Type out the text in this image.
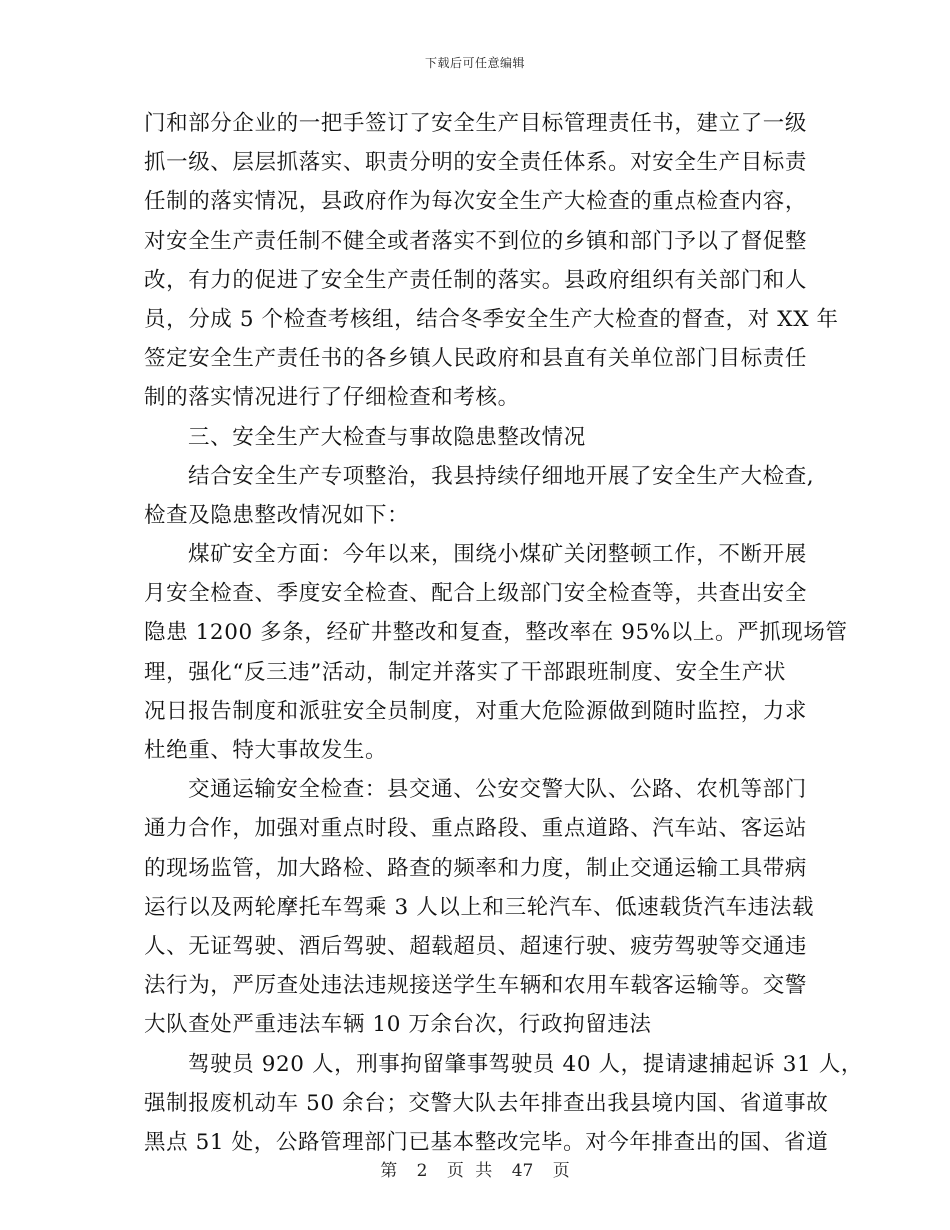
下载后可任意编辑

门和部分企业的一把手签订了安全生产目标管理责任书，建立了一级
抓一级、层层抓落实、职责分明的安全责任体系。对安全生产目标责
任制的落实情况，县政府作为每次安全生产大检查的重点检查内容，
对安全生产责任制不健全或者落实不到位的乡镇和部门予以了督促整
改，有力的促进了安全生产责任制的落实。县政府组织有关部门和人
员，分成 5 个检查考核组，结合冬季安全生产大检查的督查，对 XX 年
签定安全生产责任书的各乡镇人民政府和县直有关单位部门目标责任
制的落实情况进行了仔细检查和考核。

三、安全生产大检查与事故隐患整改情况

结合安全生产专项整治，我县持续仔细地开展了安全生产大检查,
检查及隐患整改情况如下：

煤矿安全方面：今年以来，围绕小煤矿关闭整顿工作，不断开展
月安全检查、季度安全检查、配合上级部门安全检查等，共查出安全
隐患 1200 多条，经矿井整改和复查，整改率在 95%以上。严抓现场管
理，强化“反三违”活动，制定并落实了干部跟班制度、安全生产状
况日报告制度和派驻安全员制度，对重大危险源做到随时监控，力求
杜绝重、特大事故发生。

交通运输安全检查：县交通、公安交警大队、公路、农机等部门
通力合作，加强对重点时段、重点路段、重点道路、汽车站、客运站
的现场监管，加大路检、路查的频率和力度，制止交通运输工具带病
运行以及两轮摩托车驾乘 3 人以上和三轮汽车、低速载货汽车违法载
人、无证驾驶、酒后驾驶、超载超员、超速行驶、疲劳驾驶等交通违
法行为，严厉查处违法违规接送学生车辆和农用车载客运输等。交警
大队查处严重违法车辆 10 万余台次，行政拘留违法

驾驶员 920 人，刑事拘留肇事驾驶员 40 人，提请逮捕起诉 31 人，
强制报废机动车 50 余台；交警大队去年排查出我县境内国、省道事故
黑点 51 处，公路管理部门已基本整改完毕。对今年排查出的国、省道

第 2 页 共 47 页
